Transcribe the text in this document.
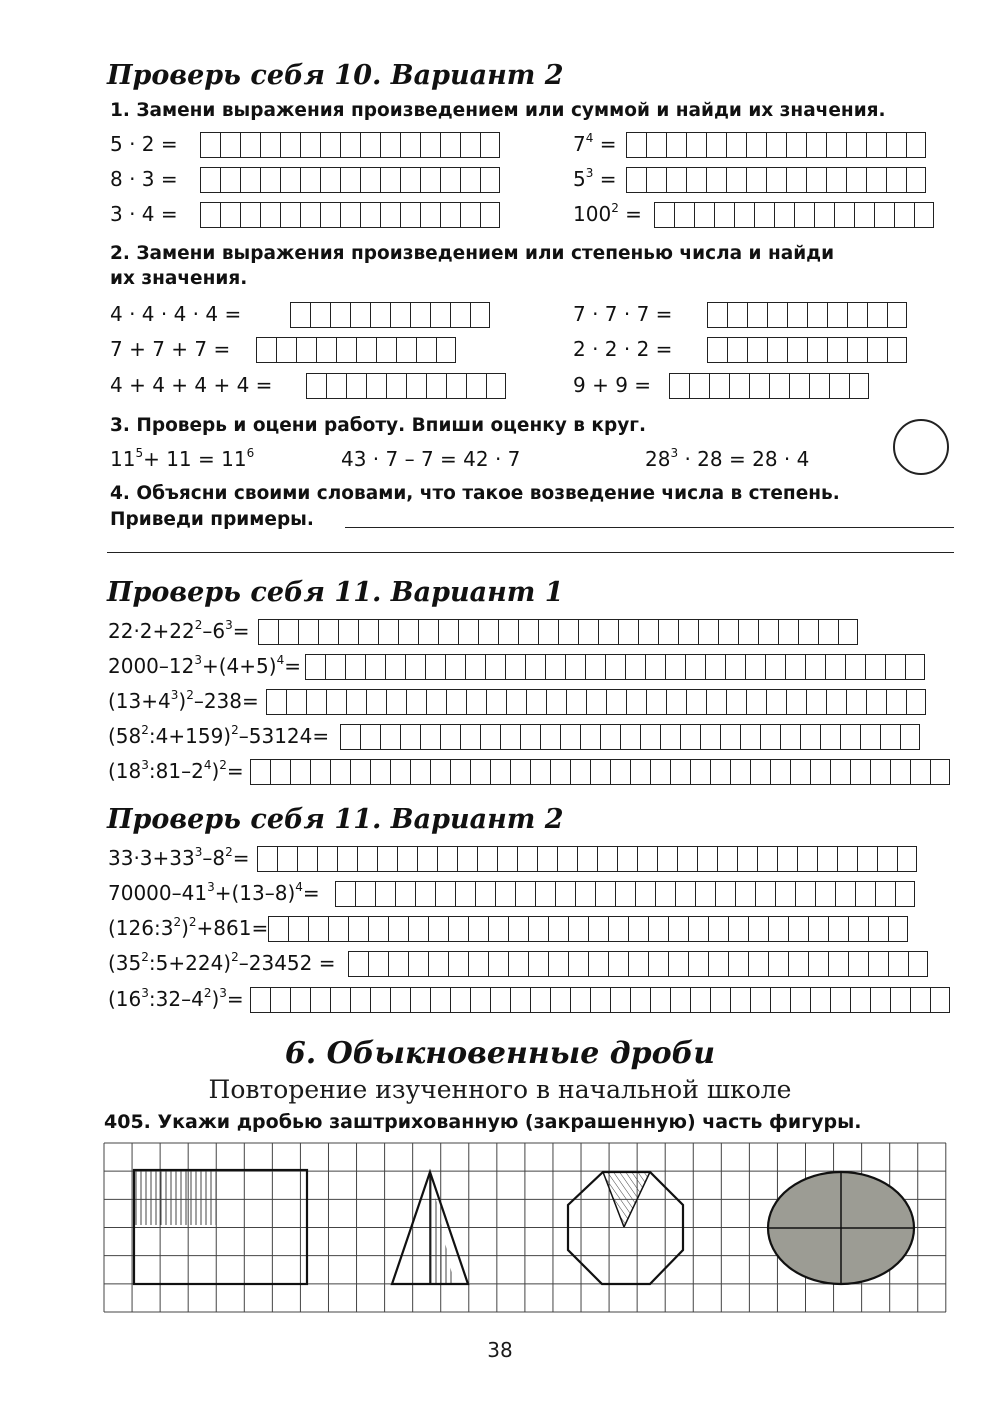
Проверь себя 10. Вариант 2
1. Замени выражения произведением или суммой и найди их значения.
5 · 2 =
8 · 3 =
3 · 4 =
$7^4$ =
$5^3$ =
$100^2$ =
2. Замени выражения произведением или степенью числа и найди
их значения.
4 · 4 · 4 · 4 =
7 + 7 + 7 =
4 + 4 + 4 + 4 =
7 · 7 · 7 =
2 · 2 · 2 =
9 + 9 =
3. Проверь и оцени работу. Впиши оценку в круг.
$11^5+ 11 = 11^6$	43 · 7 – 7 = 42 · 7	$28^3 \cdot 28 = 28 \cdot 4$
4. Объясни своими словами, что такое возведение числа в степень.
Приведи примеры.
Проверь себя 11. Вариант 1
$22\cdot 2+22^2-6^3=$
$2000-12^3+(4+5)^4=$
$(13+4^3)^2-238=$
$(58^2:4+159)^2-53124=$
$(18^3:81-2^4)^2=$
Проверь себя 11. Вариант 2
$33\cdot 3+33^3-8^2=$
$70000-41^3+(13-8)^4=$
$(126:3^2)^2+861=$
$(35^2:5+224)^2-23452$ =
$(16^3:32-4^2)^3=$
6. Обыкновенные дроби
Повторение изученного в начальной школе
405. Укажи дробью заштрихованную (закрашенную) часть фигуры.
38
